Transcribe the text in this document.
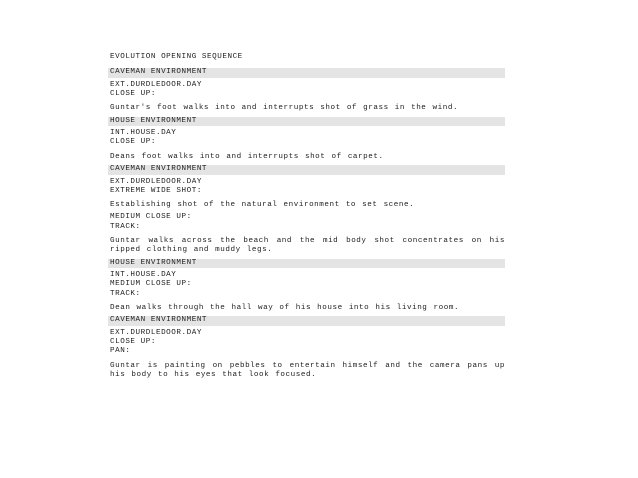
EVOLUTION OPENING SEQUENCE
CAVEMAN ENVIRONMENT
EXT.DURDLEDOOR.DAY
CLOSE UP:
Guntar's foot walks into and interrupts shot of grass in the wind.
HOUSE ENVIRONMENT
INT.HOUSE.DAY
CLOSE UP:
Deans foot walks into and interrupts shot of carpet.
CAVEMAN ENVIRONMENT
EXT.DURDLEDOOR.DAY
EXTREME WIDE SHOT:
Establishing shot of the natural environment to set scene.
MEDIUM CLOSE UP:
TRACK:
Guntar walks across the beach and the mid body shot concentrates on his ripped clothing and muddy legs.
HOUSE ENVIRONMENT
INT.HOUSE.DAY
MEDIUM CLOSE UP:
TRACK:
Dean walks through the hall way of his house into his living room.
CAVEMAN ENVIRONMENT
EXT.DURDLEDOOR.DAY
CLOSE UP:
PAN:
Guntar is painting on pebbles to entertain himself and the camera pans up his body to his eyes that look focused.
